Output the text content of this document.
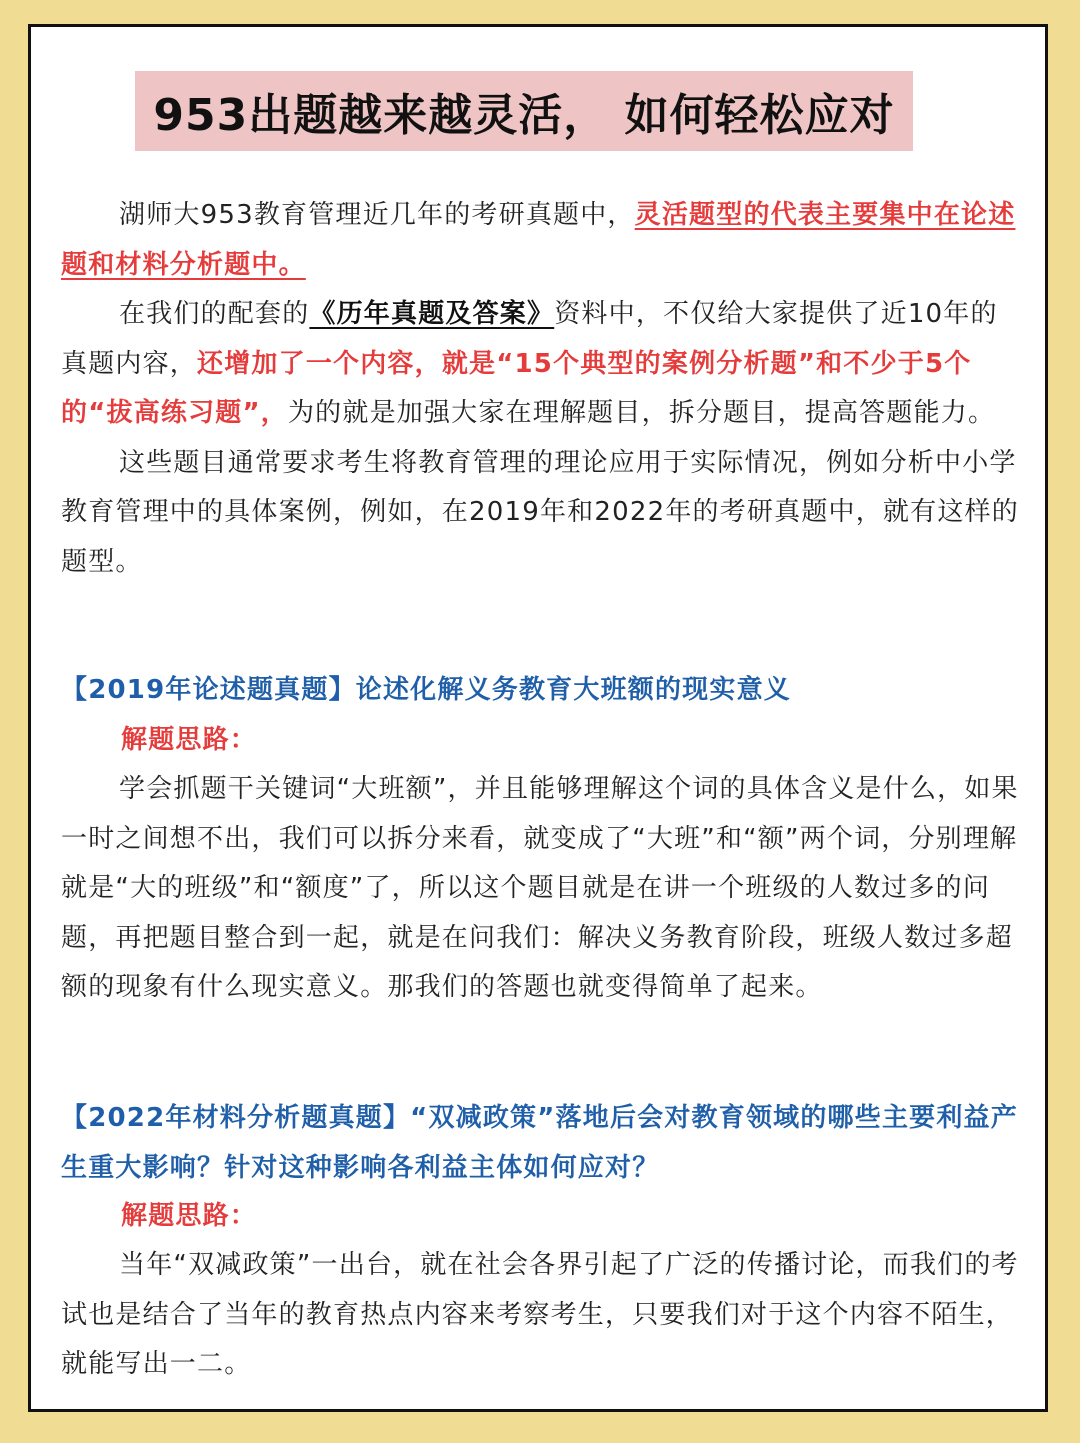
953出题越来越灵活， 如何轻松应对

湖师大953教育管理近几年的考研真题中，灵活题型的代表主要集中在论述题和材料分析题中。

在我们的配套的《历年真题及答案》资料中，不仅给大家提供了近10年的真题内容，还增加了一个内容，就是“15个典型的案例分析题”和不少于5个的“拔高练习题”，为的就是加强大家在理解题目，拆分题目，提高答题能力。

这些题目通常要求考生将教育管理的理论应用于实际情况，例如分析中小学教育管理中的具体案例，例如，在2019年和2022年的考研真题中，就有这样的题型。

【2019年论述题真题】论述化解义务教育大班额的现实意义

解题思路：

学会抓题干关键词“大班额”，并且能够理解这个词的具体含义是什么，如果一时之间想不出，我们可以拆分来看，就变成了“大班”和“额”两个词，分别理解就是“大的班级”和“额度”了，所以这个题目就是在讲一个班级的人数过多的问题，再把题目整合到一起，就是在问我们：解决义务教育阶段，班级人数过多超额的现象有什么现实意义。那我们的答题也就变得简单了起来。

【2022年材料分析题真题】“双减政策”落地后会对教育领域的哪些主要利益产生重大影响？针对这种影响各利益主体如何应对？

解题思路：

当年“双减政策”一出台，就在社会各界引起了广泛的传播讨论，而我们的考试也是结合了当年的教育热点内容来考察考生，只要我们对于这个内容不陌生，就能写出一二。
